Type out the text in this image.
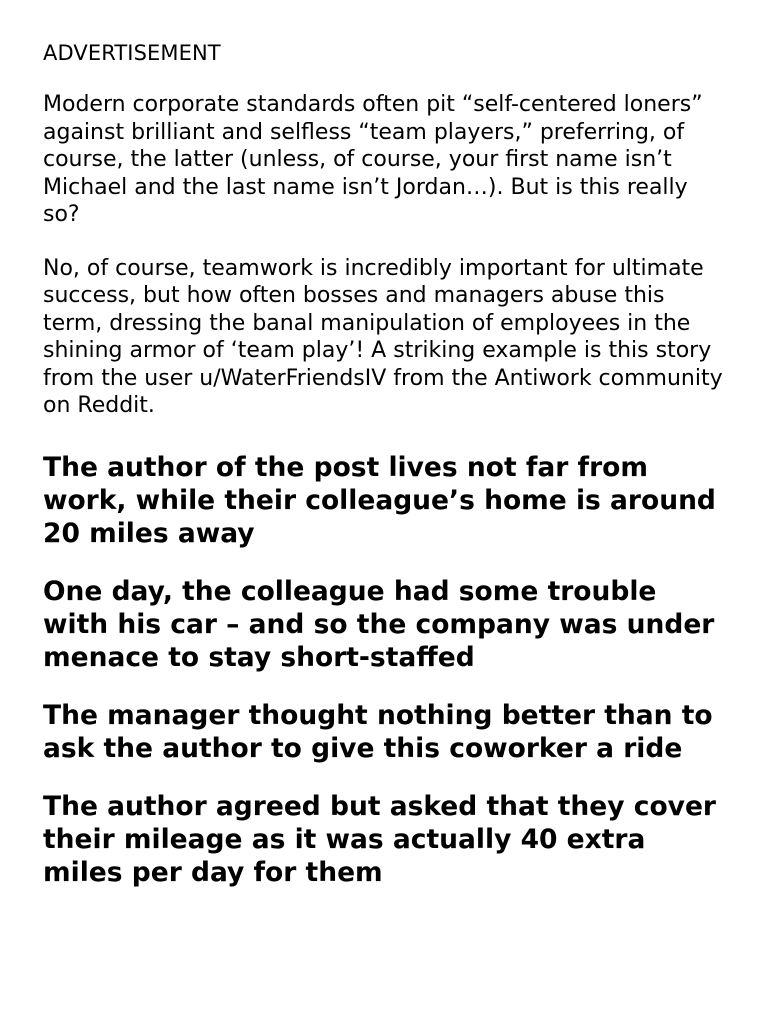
ADVERTISEMENT

Modern corporate standards often pit “self-centered loners” against brilliant and selfless “team players,” preferring, of course, the latter (unless, of course, your first name isn’t Michael and the last name isn’t Jordan…). But is this really so?

No, of course, teamwork is incredibly important for ultimate success, but how often bosses and managers abuse this term, dressing the banal manipulation of employees in the shining armor of ‘team play’! A striking example is this story from the user u/WaterFriendsIV from the Antiwork community on Reddit.

The author of the post lives not far from work, while their colleague’s home is around 20 miles away
One day, the colleague had some trouble with his car – and so the company was under menace to stay short-staffed
The manager thought nothing better than to ask the author to give this coworker a ride
The author agreed but asked that they cover their mileage as it was actually 40 extra miles per day for them
